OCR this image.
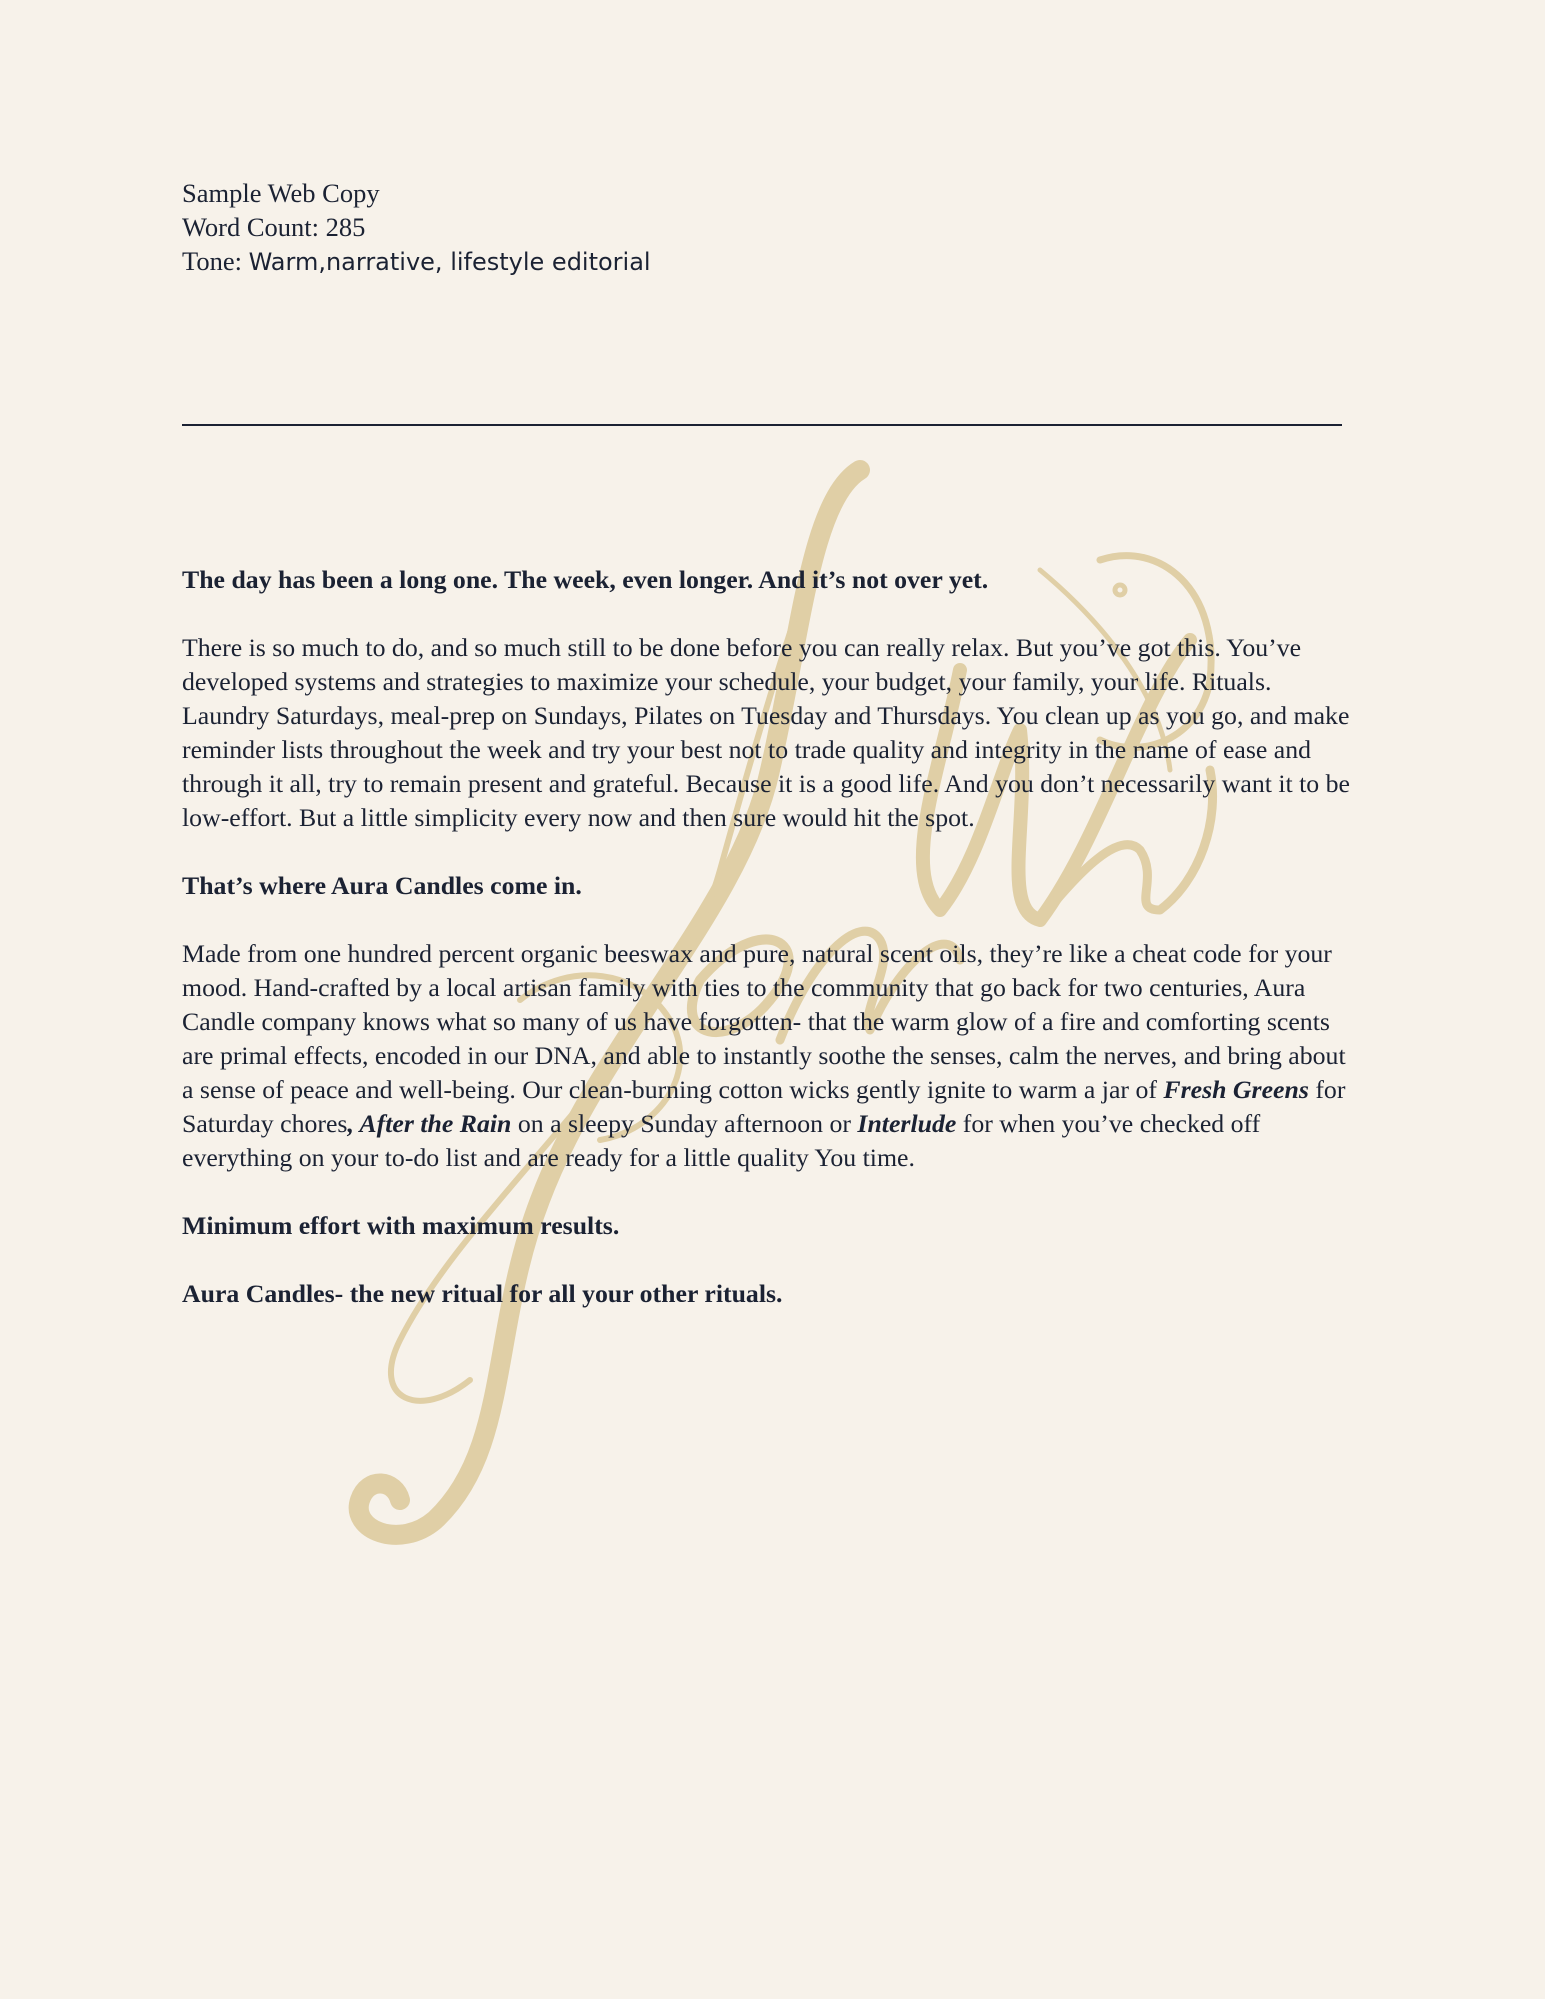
Sample Web Copy
Word Count: 285
Tone: Warm,narrative, lifestyle editorial

The day has been a long one. The week, even longer. And it’s not over yet.

There is so much to do, and so much still to be done before you can really relax. But you’ve got this. You’ve developed systems and strategies to maximize your schedule, your budget, your family, your life. Rituals. Laundry Saturdays, meal-prep on Sundays, Pilates on Tuesday and Thursdays. You clean up as you go, and make reminder lists throughout the week and try your best not to trade quality and integrity in the name of ease and through it all, try to remain present and grateful. Because it is a good life. And you don’t necessarily want it to be low-effort. But a little simplicity every now and then sure would hit the spot.

That’s where Aura Candles come in.

Made from one hundred percent organic beeswax and pure, natural scent oils, they’re like a cheat code for your mood. Hand-crafted by a local artisan family with ties to the community that go back for two centuries, Aura Candle company knows what so many of us have forgotten- that the warm glow of a fire and comforting scents are primal effects, encoded in our DNA, and able to instantly soothe the senses, calm the nerves, and bring about a sense of peace and well-being. Our clean-burning cotton wicks gently ignite to warm a jar of Fresh Greens for Saturday chores, After the Rain on a sleepy Sunday afternoon or Interlude for when you’ve checked off everything on your to-do list and are ready for a little quality You time.

Minimum effort with maximum results.

Aura Candles- the new ritual for all your other rituals.
